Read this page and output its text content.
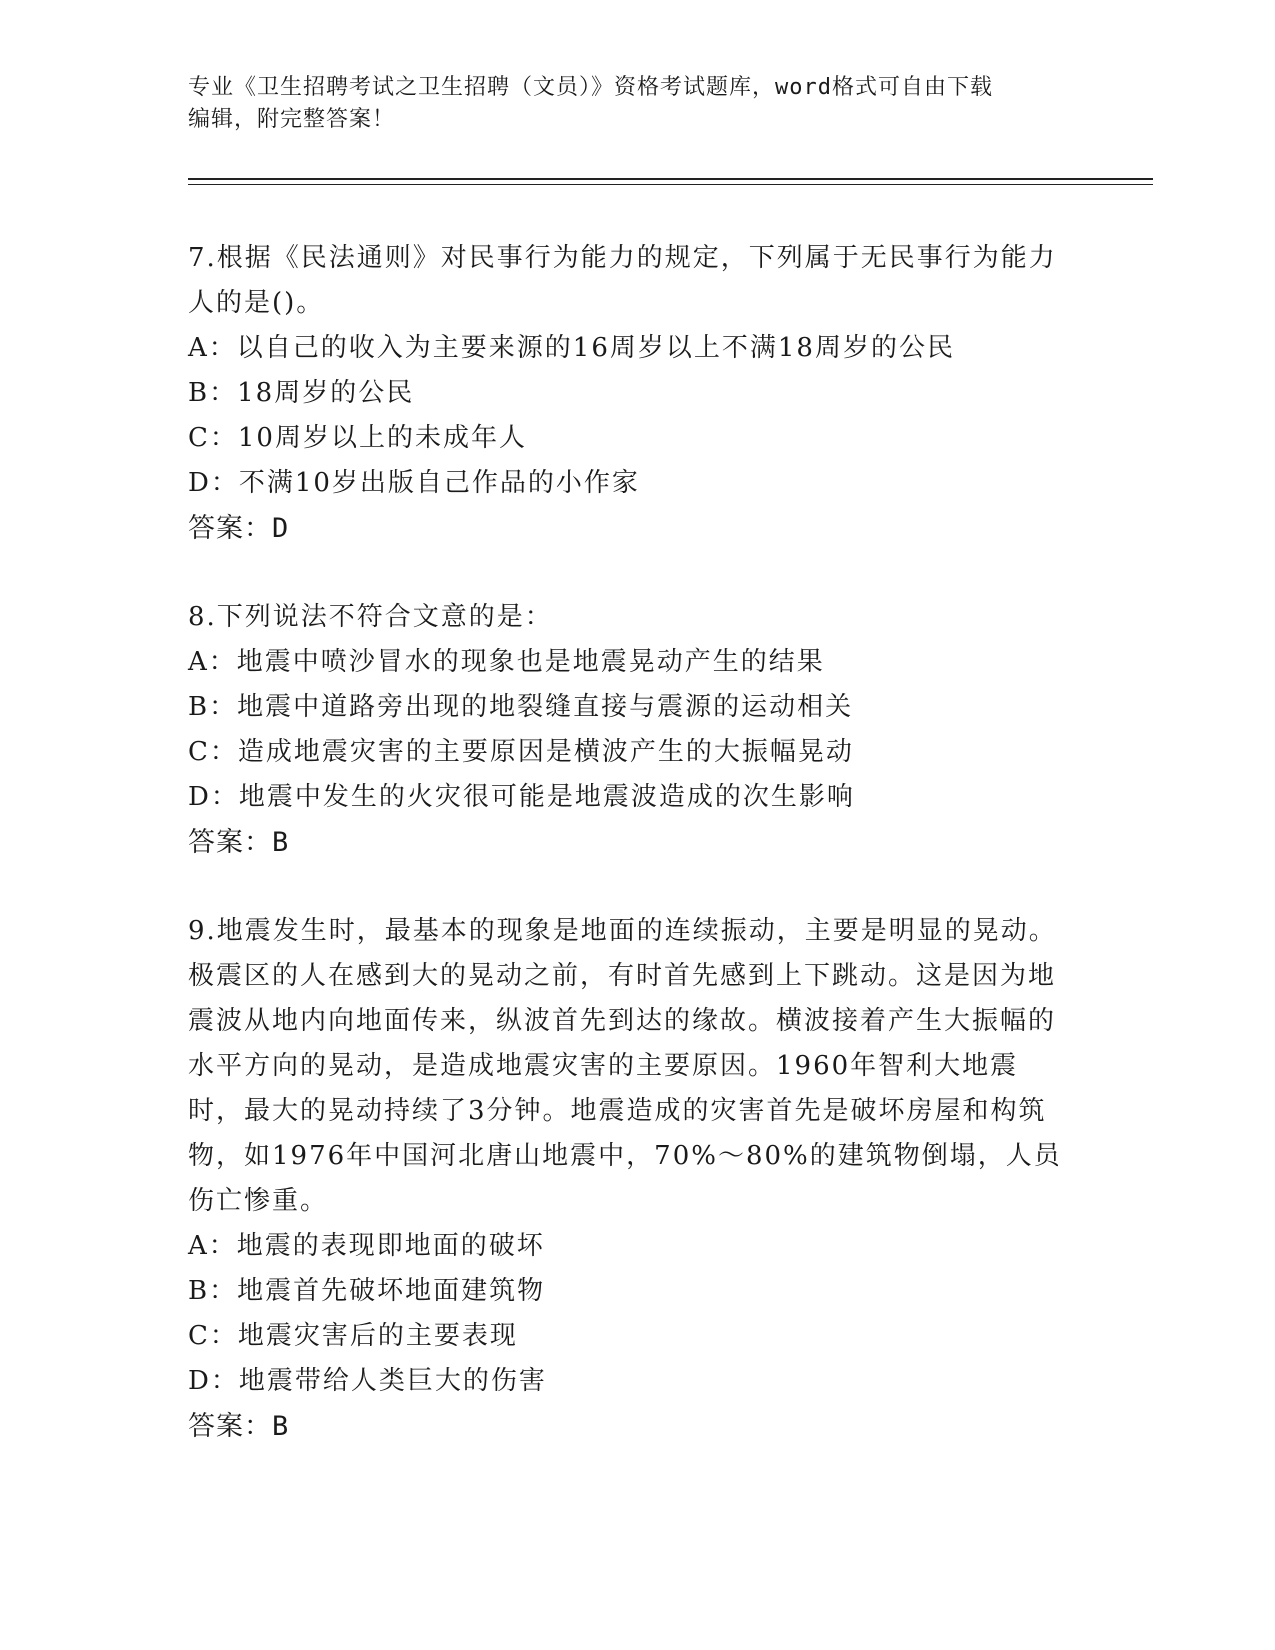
专业《卫生招聘考试之卫生招聘（文员）》资格考试题库，word格式可自由下载
编辑，附完整答案！

7.根据《民法通则》对民事行为能力的规定，下列属于无民事行为能力人的是()。

A：以自己的收入为主要来源的16周岁以上不满18周岁的公民

B：18周岁的公民

C：10周岁以上的未成年人

D：不满10岁出版自己作品的小作家

答案：D

8.下列说法不符合文意的是：

A：地震中喷沙冒水的现象也是地震晃动产生的结果

B：地震中道路旁出现的地裂缝直接与震源的运动相关

C：造成地震灾害的主要原因是横波产生的大振幅晃动

D：地震中发生的火灾很可能是地震波造成的次生影响

答案：B

9.地震发生时，最基本的现象是地面的连续振动，主要是明显的晃动。极震区的人在感到大的晃动之前，有时首先感到上下跳动。这是因为地震波从地内向地面传来，纵波首先到达的缘故。横波接着产生大振幅的水平方向的晃动，是造成地震灾害的主要原因。1960年智利大地震时，最大的晃动持续了3分钟。地震造成的灾害首先是破坏房屋和构筑物，如1976年中国河北唐山地震中，70%～80%的建筑物倒塌，人员伤亡惨重。

A：地震的表现即地面的破坏

B：地震首先破坏地面建筑物

C：地震灾害后的主要表现

D：地震带给人类巨大的伤害

答案：B
